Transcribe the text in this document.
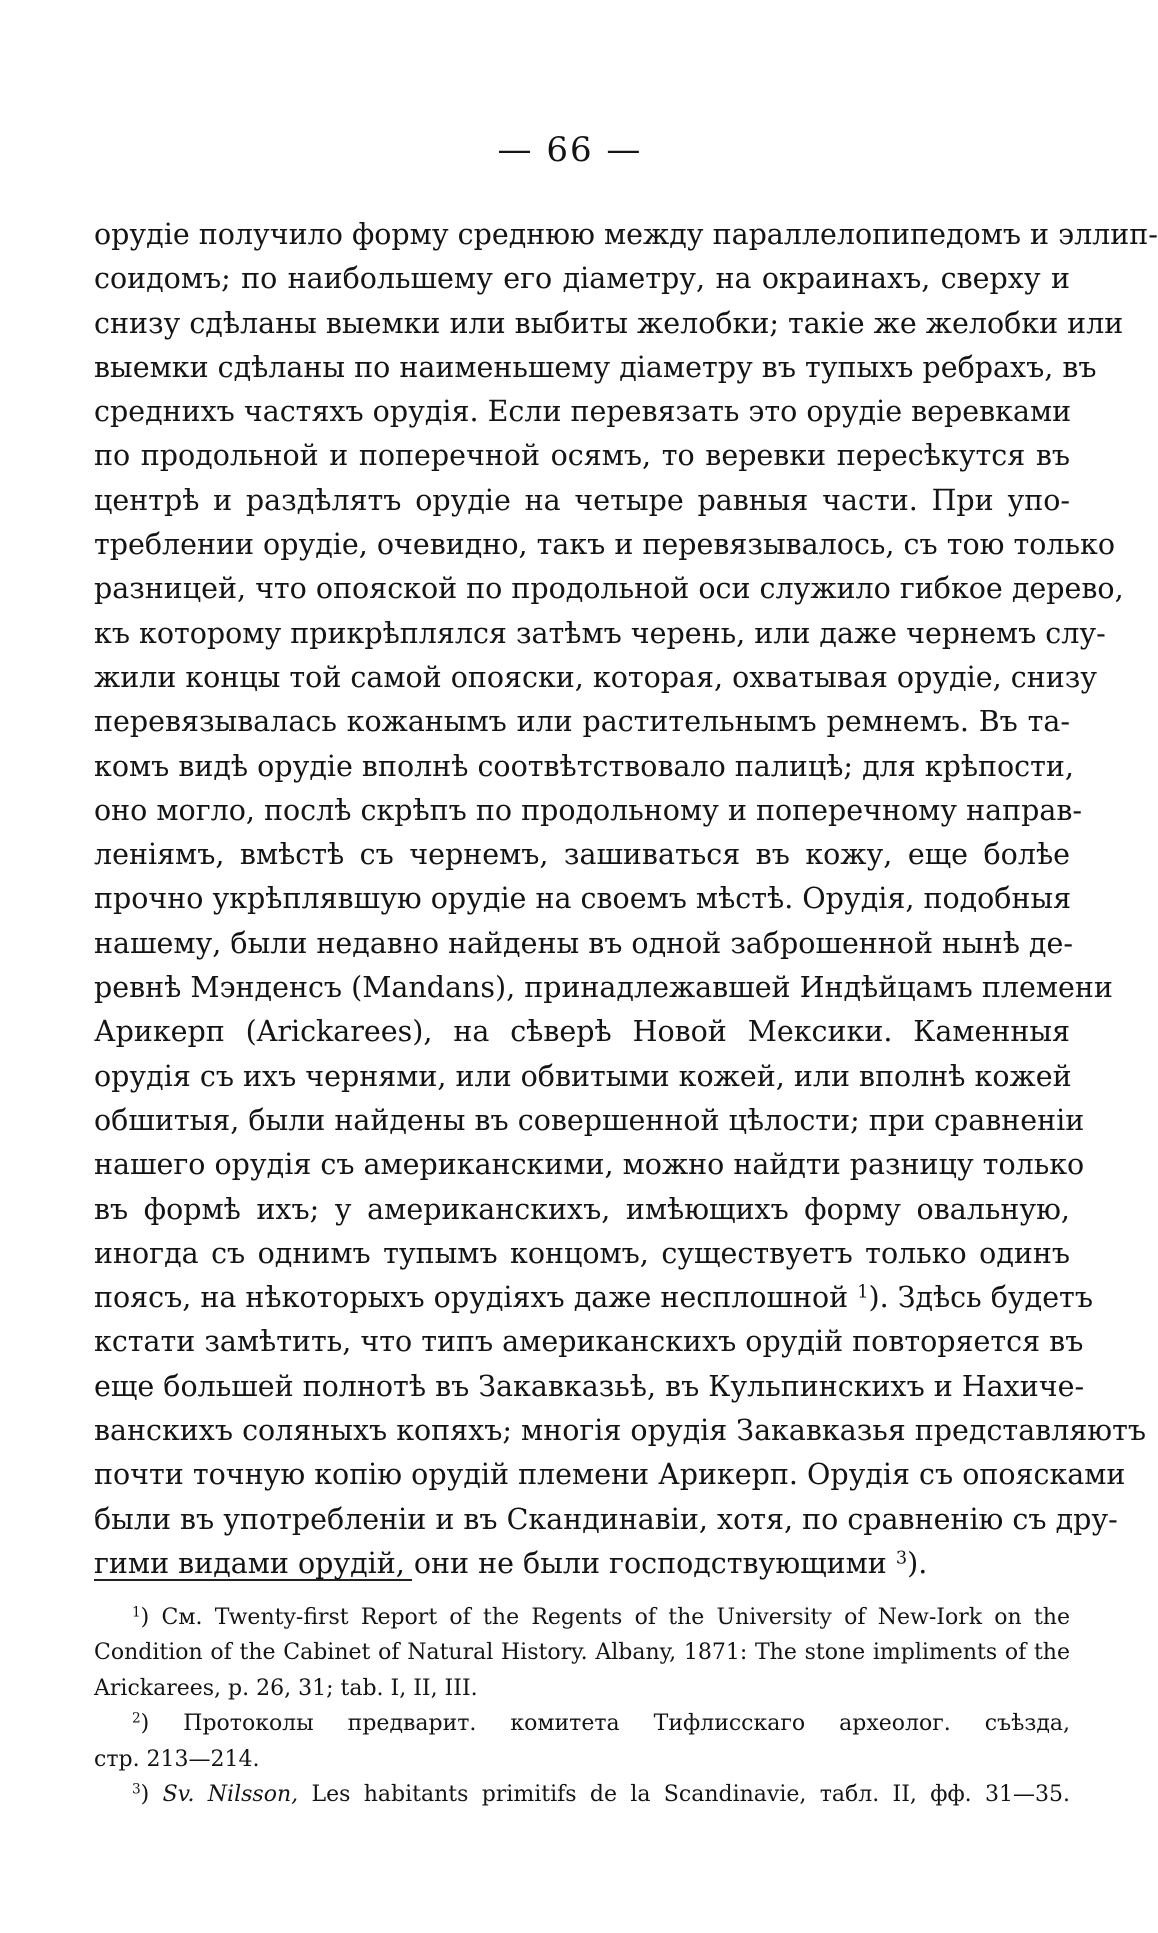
— 66 —
орудіе получило форму среднюю между параллелопипедомъ и эллип-
соидомъ; по наибольшему его діаметру, на окраинахъ, сверху и
снизу сдѣланы выемки или выбиты желобки; такіе же желобки или
выемки сдѣланы по наименьшему діаметру въ тупыхъ ребрахъ, въ
среднихъ частяхъ орудія. Если перевязать это орудіе веревками
по продольной и поперечной осямъ, то веревки пересѣкутся въ
центрѣ и раздѣлятъ орудіе на четыре равныя части. При упо-
треблении орудіе, очевидно, такъ и перевязывалось, съ тою только
разницей, что опояской по продольной оси служило гибкое дерево,
къ которому прикрѣплялся затѣмъ черень, или даже чернемъ слу-
жили концы той самой опояски, которая, охватывая орудіе, снизу
перевязывалась кожанымъ или растительнымъ ремнемъ. Въ та-
комъ видѣ орудіе вполнѣ соотвѣтствовало палицѣ; для крѣпости,
оно могло, послѣ скрѣпъ по продольному и поперечному направ-
леніямъ, вмѣстѣ съ чернемъ, зашиваться въ кожу, еще болѣе
прочно укрѣплявшую орудіе на своемъ мѣстѣ. Орудія, подобныя
нашему, были недавно найдены въ одной заброшенной нынѣ де-
ревнѣ Мэнденсъ (Mandans), принадлежавшей Индѣйцамъ племени
Арикерп (Arickarees), на сѣверѣ Новой Мексики. Каменныя
орудія съ ихъ чернями, или обвитыми кожей, или вполнѣ кожей
обшитыя, были найдены въ совершенной цѣлости; при сравненіи
нашего орудія съ американскими, можно найдти разницу только
въ формѣ ихъ; у американскихъ, имѣющихъ форму овальную,
иногда съ однимъ тупымъ концомъ, существуетъ только одинъ
поясъ, на нѣкоторыхъ орудіяхъ даже несплошной $^1$). Здѣсь будетъ
кстати замѣтить, что типъ американскихъ орудій повторяется въ
еще большей полнотѣ въ Закавказьѣ, въ Кульпинскихъ и Нахиче-
ванскихъ соляныхъ копяхъ; многія орудія Закавказья представляютъ
почти точную копію орудій племени Арикерп. Орудія съ опоясками
были въ употребленіи и въ Скандинавіи, хотя, по сравненію съ дру-
гими видами орудій, они не были господствующими $^3$).
$^1$) См. Twenty-first Report of the Regents of the University of New-Iork on the
Condition of the Cabinet of Natural History. Albany, 1871: The stone impliments of the
Arickarees, p. 26, 31; tab. I, II, III.
$^2$) Протоколы предварит. комитета Тифлисскаго археолог. съѣзда,
стр. 213—214.
$^3$) Sv. Nilsson, Les habitants primitifs de la Scandinavie, табл. II, фф. 31—35.
